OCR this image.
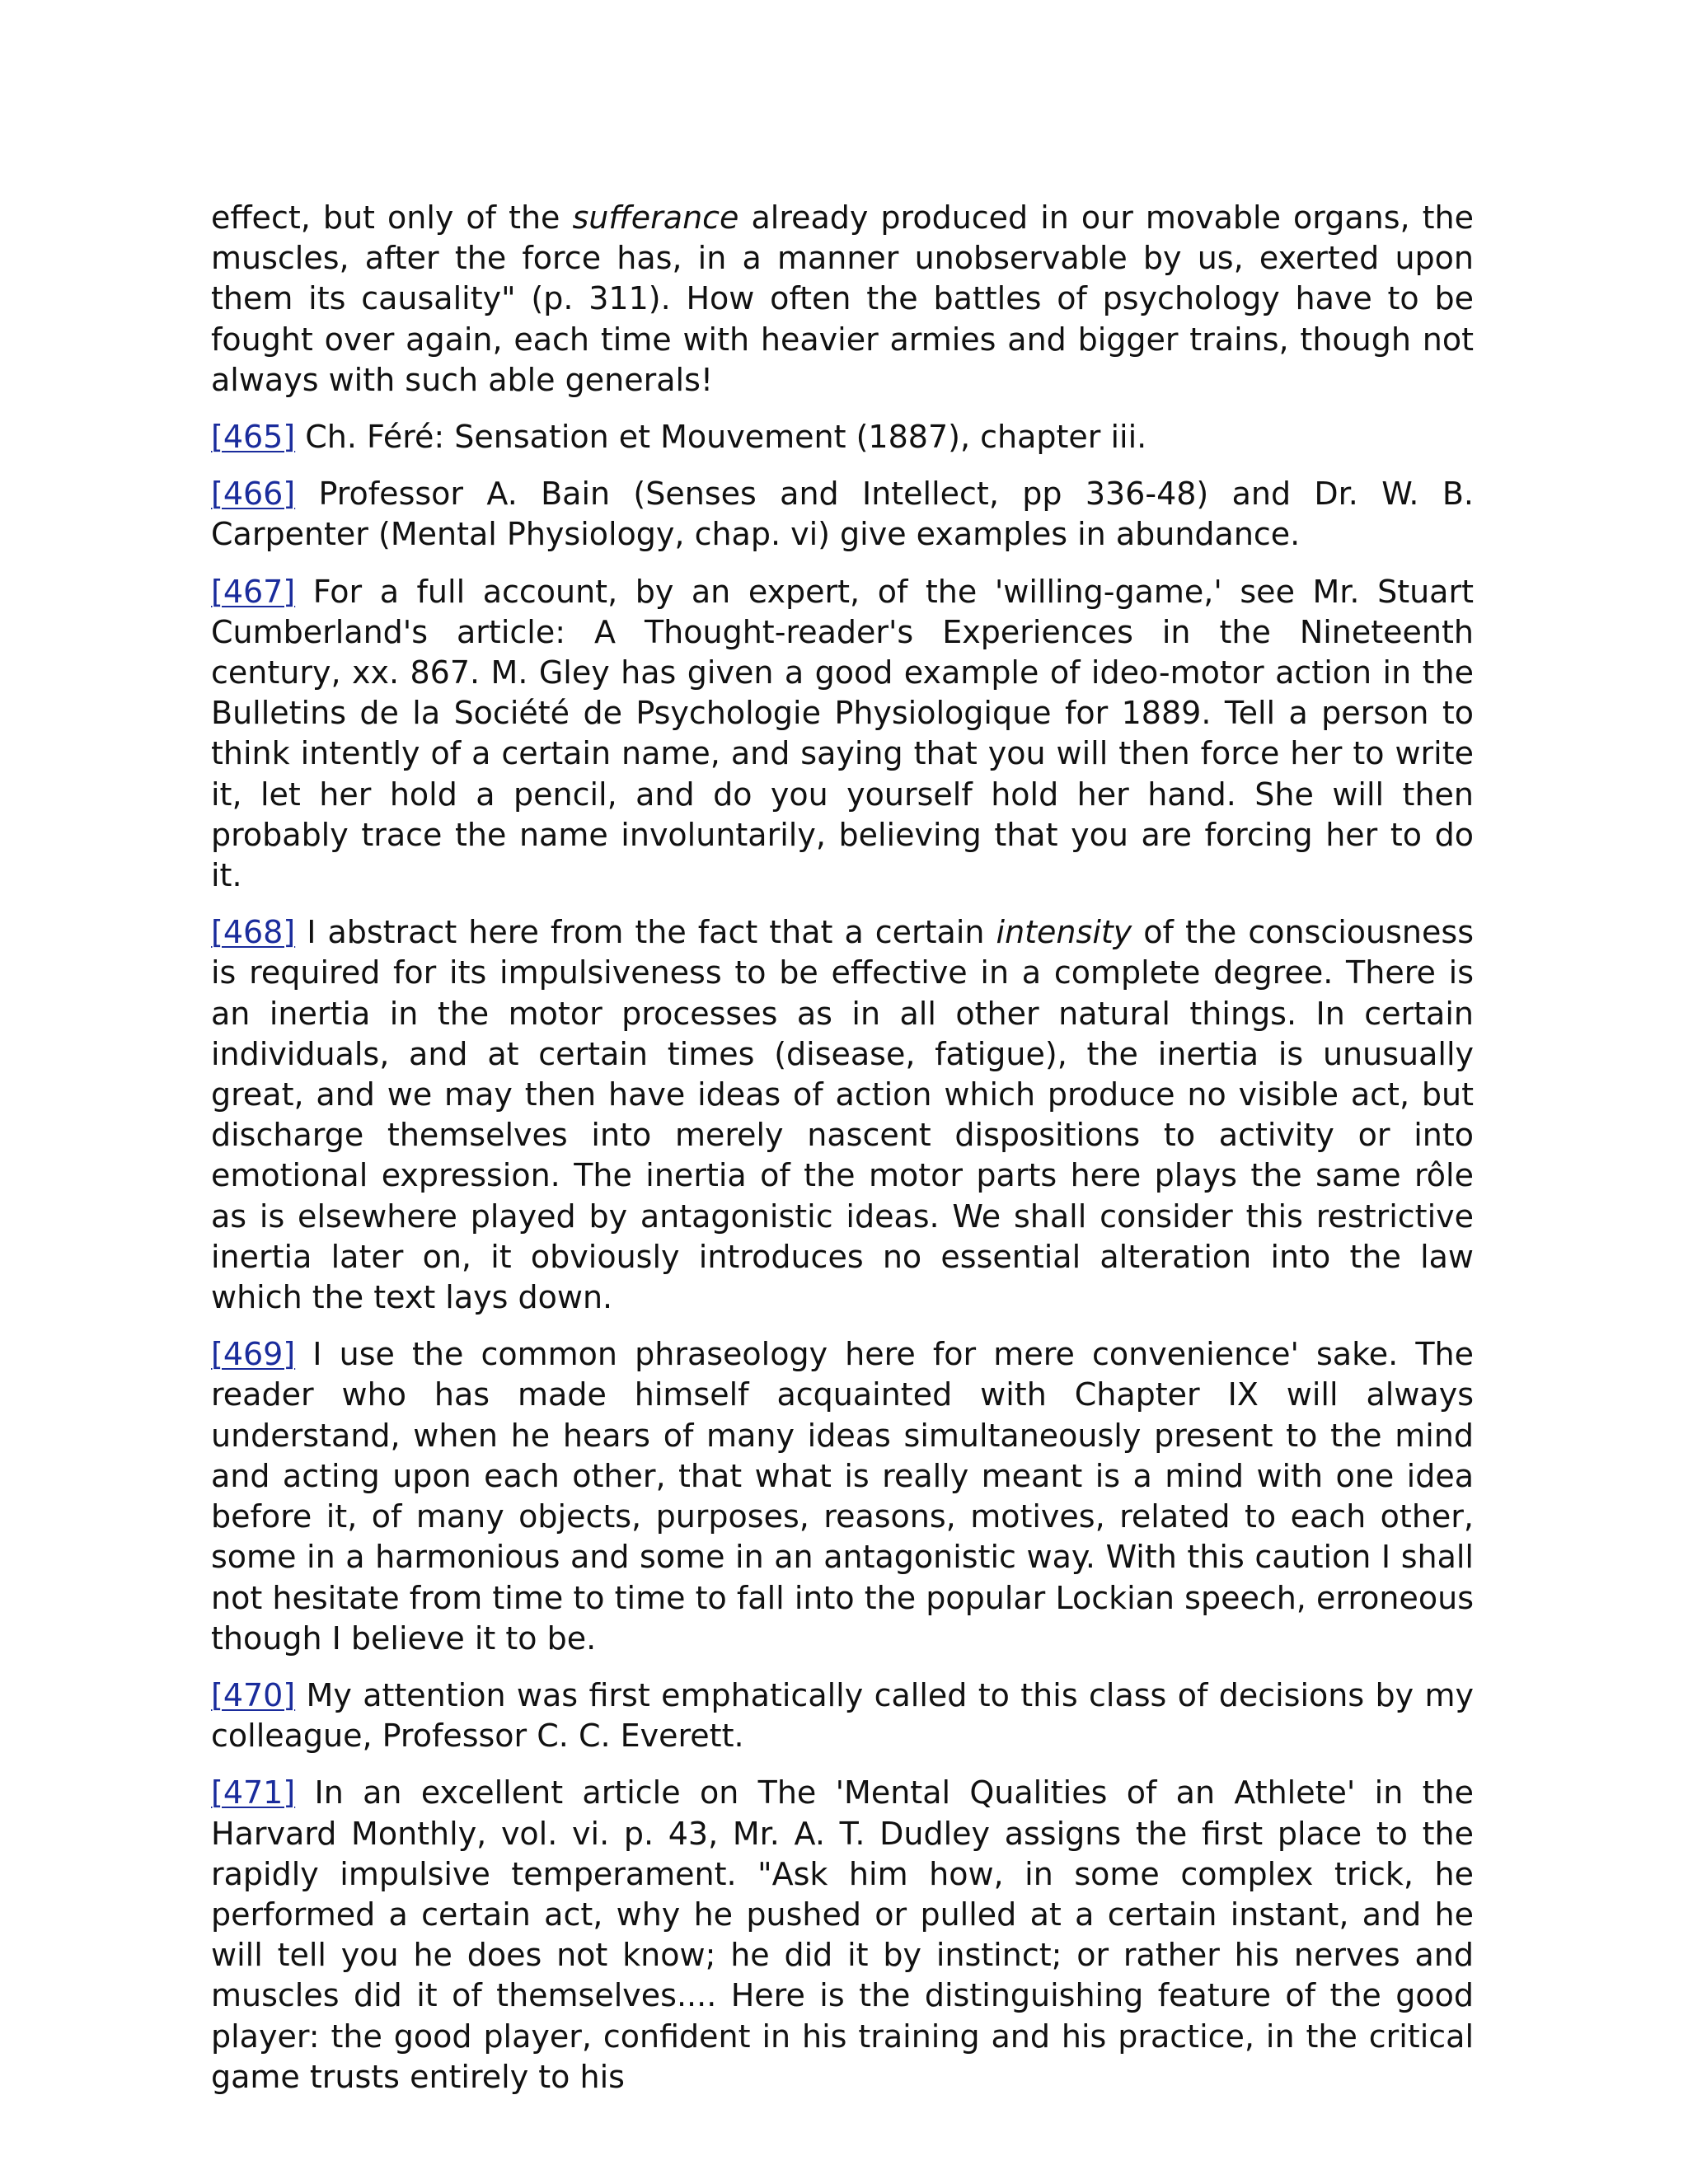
effect, but only of the sufferance already produced in our movable organs, the muscles, after the force has, in a manner unobservable by us, exerted upon them its causality" (p. 311). How often the battles of psychology have to be fought over again, each time with heavier armies and bigger trains, though not always with such able generals!

[465] Ch. Féré: Sensation et Mouvement (1887), chapter iii.

[466] Professor A. Bain (Senses and Intellect, pp 336-48) and Dr. W. B. Carpenter (Mental Physiology, chap. vi) give examples in abundance.

[467] For a full account, by an expert, of the 'willing-game,' see Mr. Stuart Cumberland's article: A Thought-reader's Experiences in the Nineteenth century, xx. 867. M. Gley has given a good example of ideo-motor action in the Bulletins de la Société de Psychologie Physiologique for 1889. Tell a person to think intently of a certain name, and saying that you will then force her to write it, let her hold a pencil, and do you yourself hold her hand. She will then probably trace the name involuntarily, believing that you are forcing her to do it.

[468] I abstract here from the fact that a certain intensity of the consciousness is required for its impulsiveness to be effective in a complete degree. There is an inertia in the motor processes as in all other natural things. In certain individuals, and at certain times (disease, fatigue), the inertia is unusually great, and we may then have ideas of action which produce no visible act, but discharge themselves into merely nascent dispositions to activity or into emotional expression. The inertia of the motor parts here plays the same rôle as is elsewhere played by antagonistic ideas. We shall consider this restrictive inertia later on, it obviously introduces no essential alteration into the law which the text lays down.

[469] I use the common phraseology here for mere convenience' sake. The reader who has made himself acquainted with Chapter IX will always understand, when he hears of many ideas simultaneously present to the mind and acting upon each other, that what is really meant is a mind with one idea before it, of many objects, purposes, reasons, motives, related to each other, some in a harmonious and some in an antagonistic way. With this caution I shall not hesitate from time to time to fall into the popular Lockian speech, erroneous though I believe it to be.

[470] My attention was first emphatically called to this class of decisions by my colleague, Professor C. C. Everett.

[471] In an excellent article on The 'Mental Qualities of an Athlete' in the Harvard Monthly, vol. vi. p. 43, Mr. A. T. Dudley assigns the first place to the rapidly impulsive temperament. "Ask him how, in some complex trick, he performed a certain act, why he pushed or pulled at a certain instant, and he will tell you he does not know; he did it by instinct; or rather his nerves and muscles did it of themselves.... Here is the distinguishing feature of the good player: the good player, confident in his training and his practice, in the critical game trusts entirely to his
